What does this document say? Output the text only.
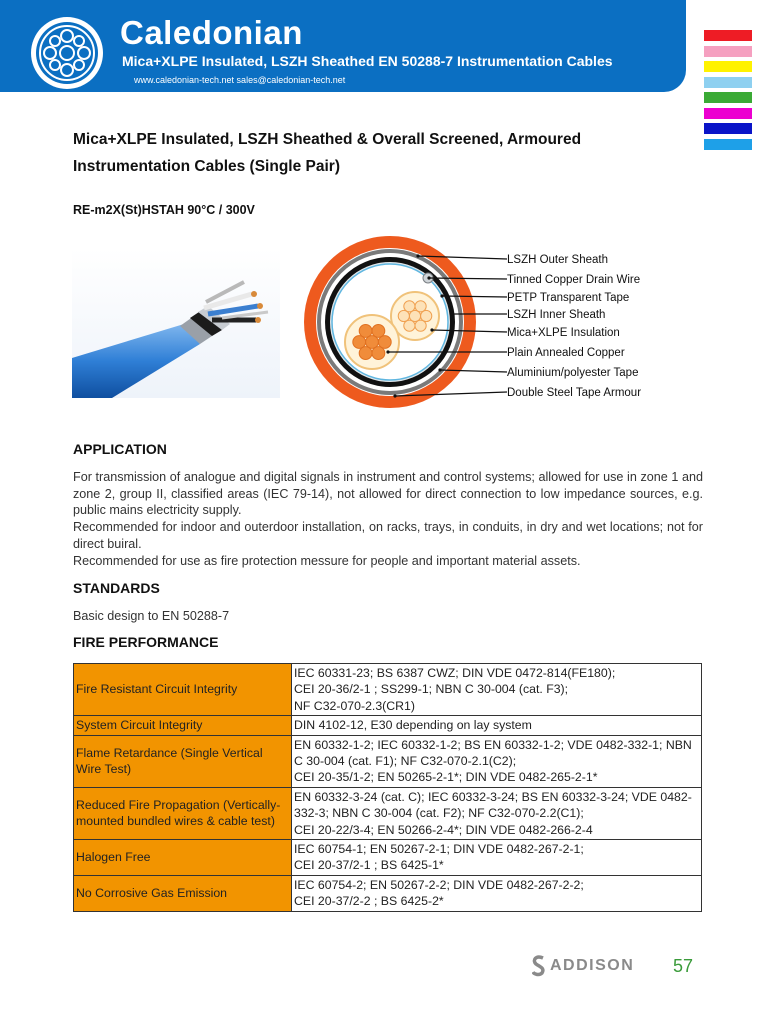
Caledonian
Mica+XLPE Insulated, LSZH Sheathed EN 50288-7 Instrumentation Cables
www.caledonian-tech.net sales@caledonian-tech.net
Mica+XLPE Insulated, LSZH Sheathed & Overall Screened, Armoured Instrumentation Cables (Single Pair)
RE-m2X(St)HSTAH 90°C / 300V
LSZH Outer Sheath
Tinned Copper Drain Wire
PETP Transparent Tape
LSZH Inner Sheath
Mica+XLPE Insulation
Plain Annealed Copper
Aluminium/polyester Tape
Double Steel Tape Armour
APPLICATION

For transmission of analogue and digital signals in instrument and control systems; allowed for use in zone 1 and zone 2, group II, classified areas (IEC 79-14), not allowed for direct connection to low impedance sources, e.g. public mains electricity supply.

Recommended for indoor and outerdoor installation, on racks, trays, in conduits, in dry and wet locations; not for direct buiral.

Recommended for use as fire protection messure for people and important material assets.

STANDARDS
Basic design to EN 50288-7
FIRE PERFORMANCE
Fire Resistant Circuit Integrity	IEC 60331-23; BS 6387 CWZ; DIN VDE 0472-814(FE180);
CEI 20-36/2-1 ; SS299-1; NBN C 30-004 (cat. F3);
NF C32-070-2.3(CR1)
System Circuit Integrity	DIN 4102-12, E30 depending on lay system
Flame Retardance (Single Vertical Wire Test)	EN 60332-1-2; IEC 60332-1-2; BS EN 60332-1-2; VDE 0482-332-1; NBN C 30-004 (cat. F1); NF C32-070-2.1(C2);
CEI 20-35/1-2; EN 50265-2-1*; DIN VDE 0482-265-2-1*
Reduced Fire Propagation (Vertically-mounted bundled wires & cable test)	EN 60332-3-24 (cat. C); IEC 60332-3-24; BS EN 60332-3-24; VDE 0482-332-3; NBN C 30-004 (cat. F2); NF C32-070-2.2(C1);
CEI 20-22/3-4; EN 50266-2-4*; DIN VDE 0482-266-2-4
Halogen Free	IEC 60754-1; EN 50267-2-1; DIN VDE 0482-267-2-1;
CEI 20-37/2-1 ; BS 6425-1*
No Corrosive Gas Emission	IEC 60754-2; EN 50267-2-2; DIN VDE 0482-267-2-2;
CEI 20-37/2-2 ; BS 6425-2*
ADDISON 57
